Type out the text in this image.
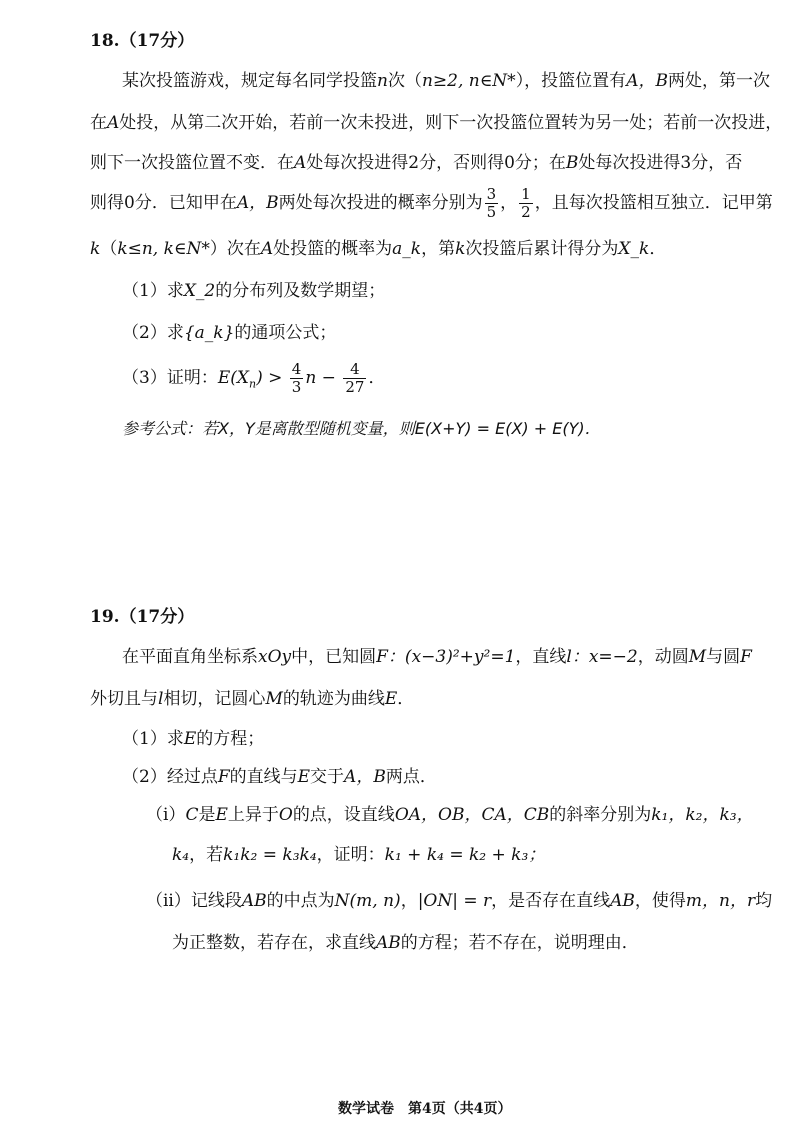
18.（17分）
某次投篮游戏，规定每名同学投篮n次（n≥2, n∈N*），投篮位置有A，B两处，第一次
在A处投，从第二次开始，若前一次未投进，则下一次投篮位置转为另一处；若前一次投进，
则下一次投篮位置不变．在A处每次投进得2分，否则得0分；在B处每次投进得3分，否
则得0分．已知甲在A，B两处每次投进的概率分别为 $\frac{3}{5}$ ， $\frac{1}{2}$ ，且每次投篮相互独立．记甲第
k（k≤n, k∈N*）次在A处投篮的概率为a_k，第k次投篮后累计得分为X_k．
（1）求X_2的分布列及数学期望；
（2）求{a_k}的通项公式；
（3）证明：$E(X_n) > \frac{4}{3}$ $n - \frac{4}{27}$ ．
参考公式：若X，Y是离散型随机变量，则E(X+Y) = E(X) + E(Y)．
19.（17分）
在平面直角坐标系xOy中，已知圆F：(x−3)²+y²=1，直线l：x=−2，动圆M与圆F
外切且与l相切，记圆心M的轨迹为曲线E．
（1）求E的方程；
（2）经过点F的直线与E交于A，B两点．
（i）C是E上异于O的点，设直线OA，OB，CA，CB的斜率分别为k₁，k₂，k₃，
k₄，若k₁k₂ = k₃k₄，证明：k₁ + k₄ = k₂ + k₃；
（ii）记线段AB的中点为N(m, n)，|ON| = r，是否存在直线AB，使得m，n，r均
为正整数，若存在，求直线AB的方程；若不存在，说明理由．
数学试卷　第4页（共4页）
